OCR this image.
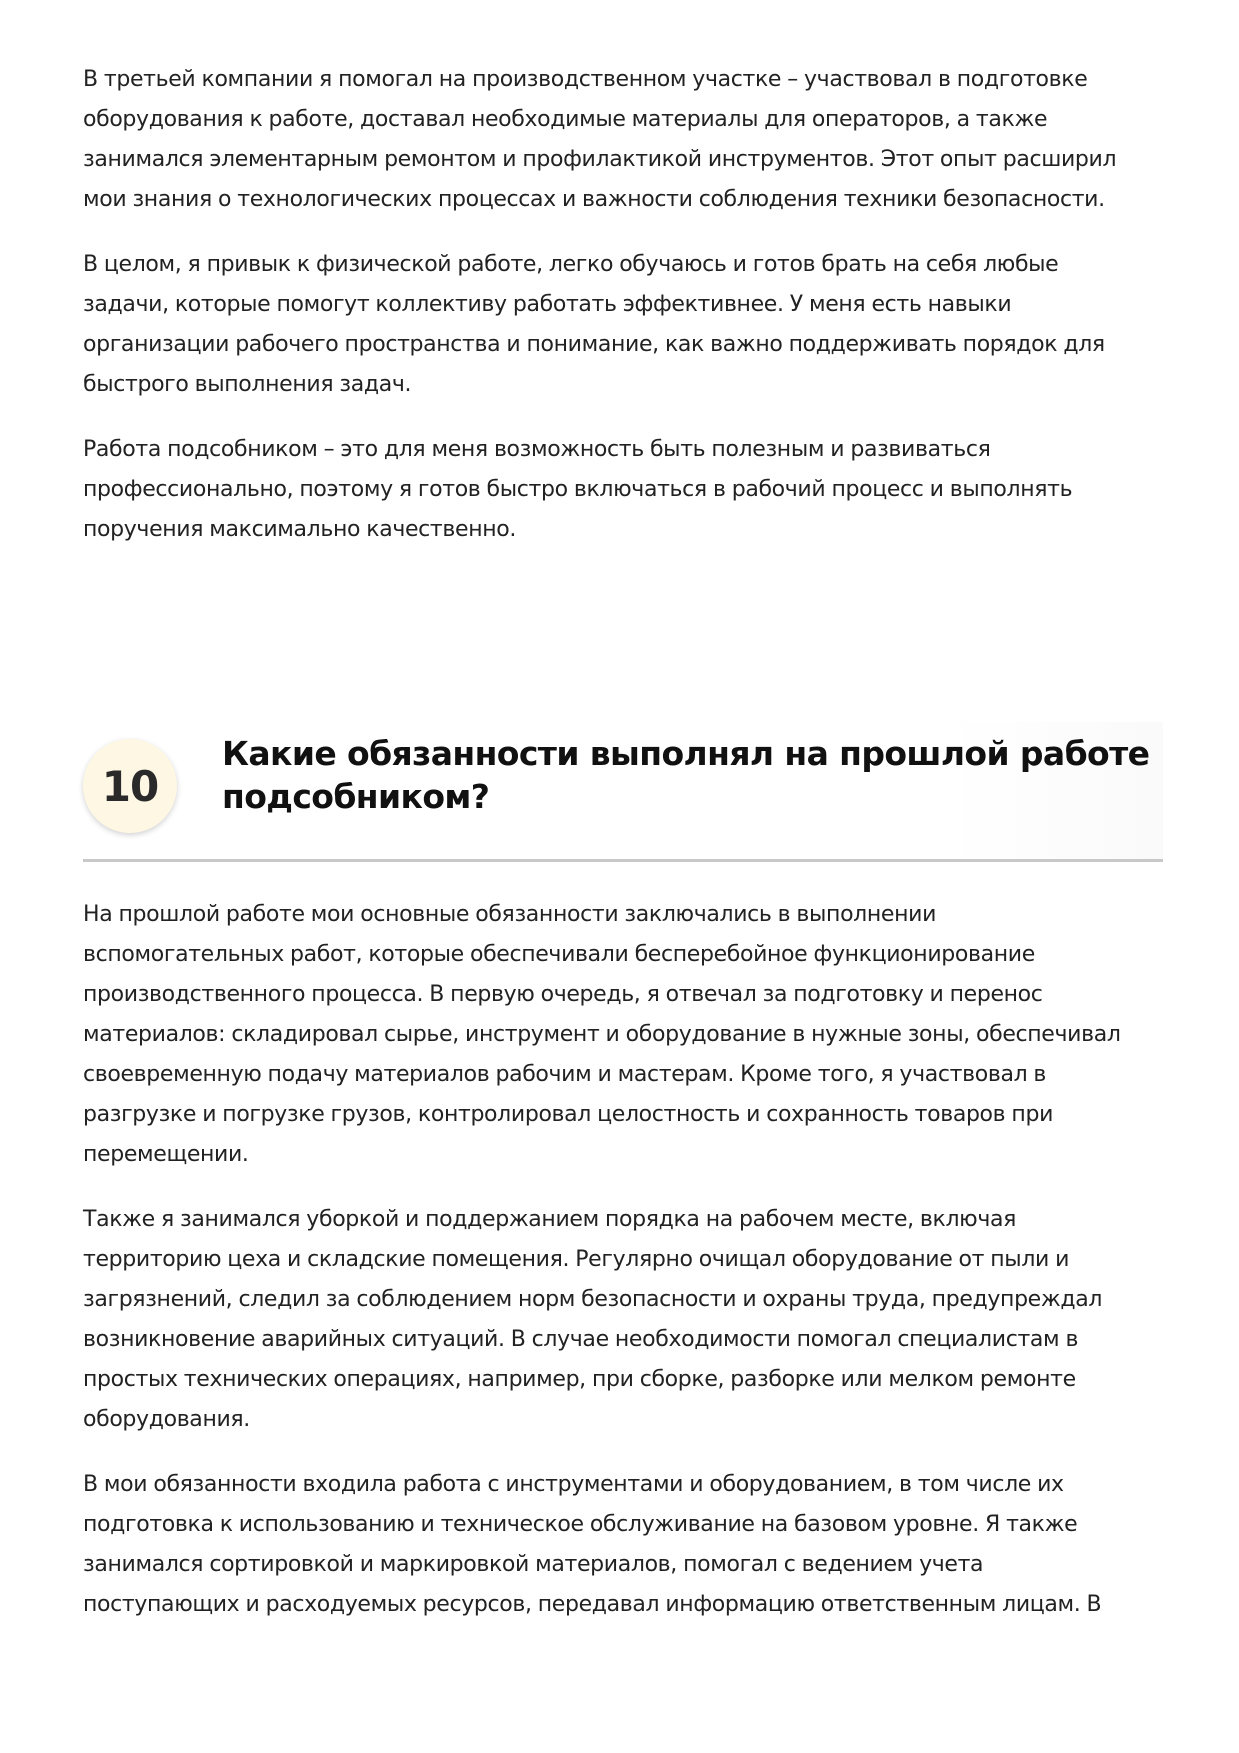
В третьей компании я помогал на производственном участке – участвовал в подготовке
оборудования к работе, доставал необходимые материалы для операторов, а также
занимался элементарным ремонтом и профилактикой инструментов. Этот опыт расширил
мои знания о технологических процессах и важности соблюдения техники безопасности.

В целом, я привык к физической работе, легко обучаюсь и готов брать на себя любые
задачи, которые помогут коллективу работать эффективнее. У меня есть навыки
организации рабочего пространства и понимание, как важно поддерживать порядок для
быстрого выполнения задач.

Работа подсобником – это для меня возможность быть полезным и развиваться
профессионально, поэтому я готов быстро включаться в рабочий процесс и выполнять
поручения максимально качественно.

10
Какие обязанности выполнял на прошлой работе подсобником?

На прошлой работе мои основные обязанности заключались в выполнении
вспомогательных работ, которые обеспечивали бесперебойное функционирование
производственного процесса. В первую очередь, я отвечал за подготовку и перенос
материалов: складировал сырье, инструмент и оборудование в нужные зоны, обеспечивал
своевременную подачу материалов рабочим и мастерам. Кроме того, я участвовал в
разгрузке и погрузке грузов, контролировал целостность и сохранность товаров при
перемещении.

Также я занимался уборкой и поддержанием порядка на рабочем месте, включая
территорию цеха и складские помещения. Регулярно очищал оборудование от пыли и
загрязнений, следил за соблюдением норм безопасности и охраны труда, предупреждал
возникновение аварийных ситуаций. В случае необходимости помогал специалистам в
простых технических операциях, например, при сборке, разборке или мелком ремонте
оборудования.

В мои обязанности входила работа с инструментами и оборудованием, в том числе их
подготовка к использованию и техническое обслуживание на базовом уровне. Я также
занимался сортировкой и маркировкой материалов, помогал с ведением учета
поступающих и расходуемых ресурсов, передавал информацию ответственным лицам. В
